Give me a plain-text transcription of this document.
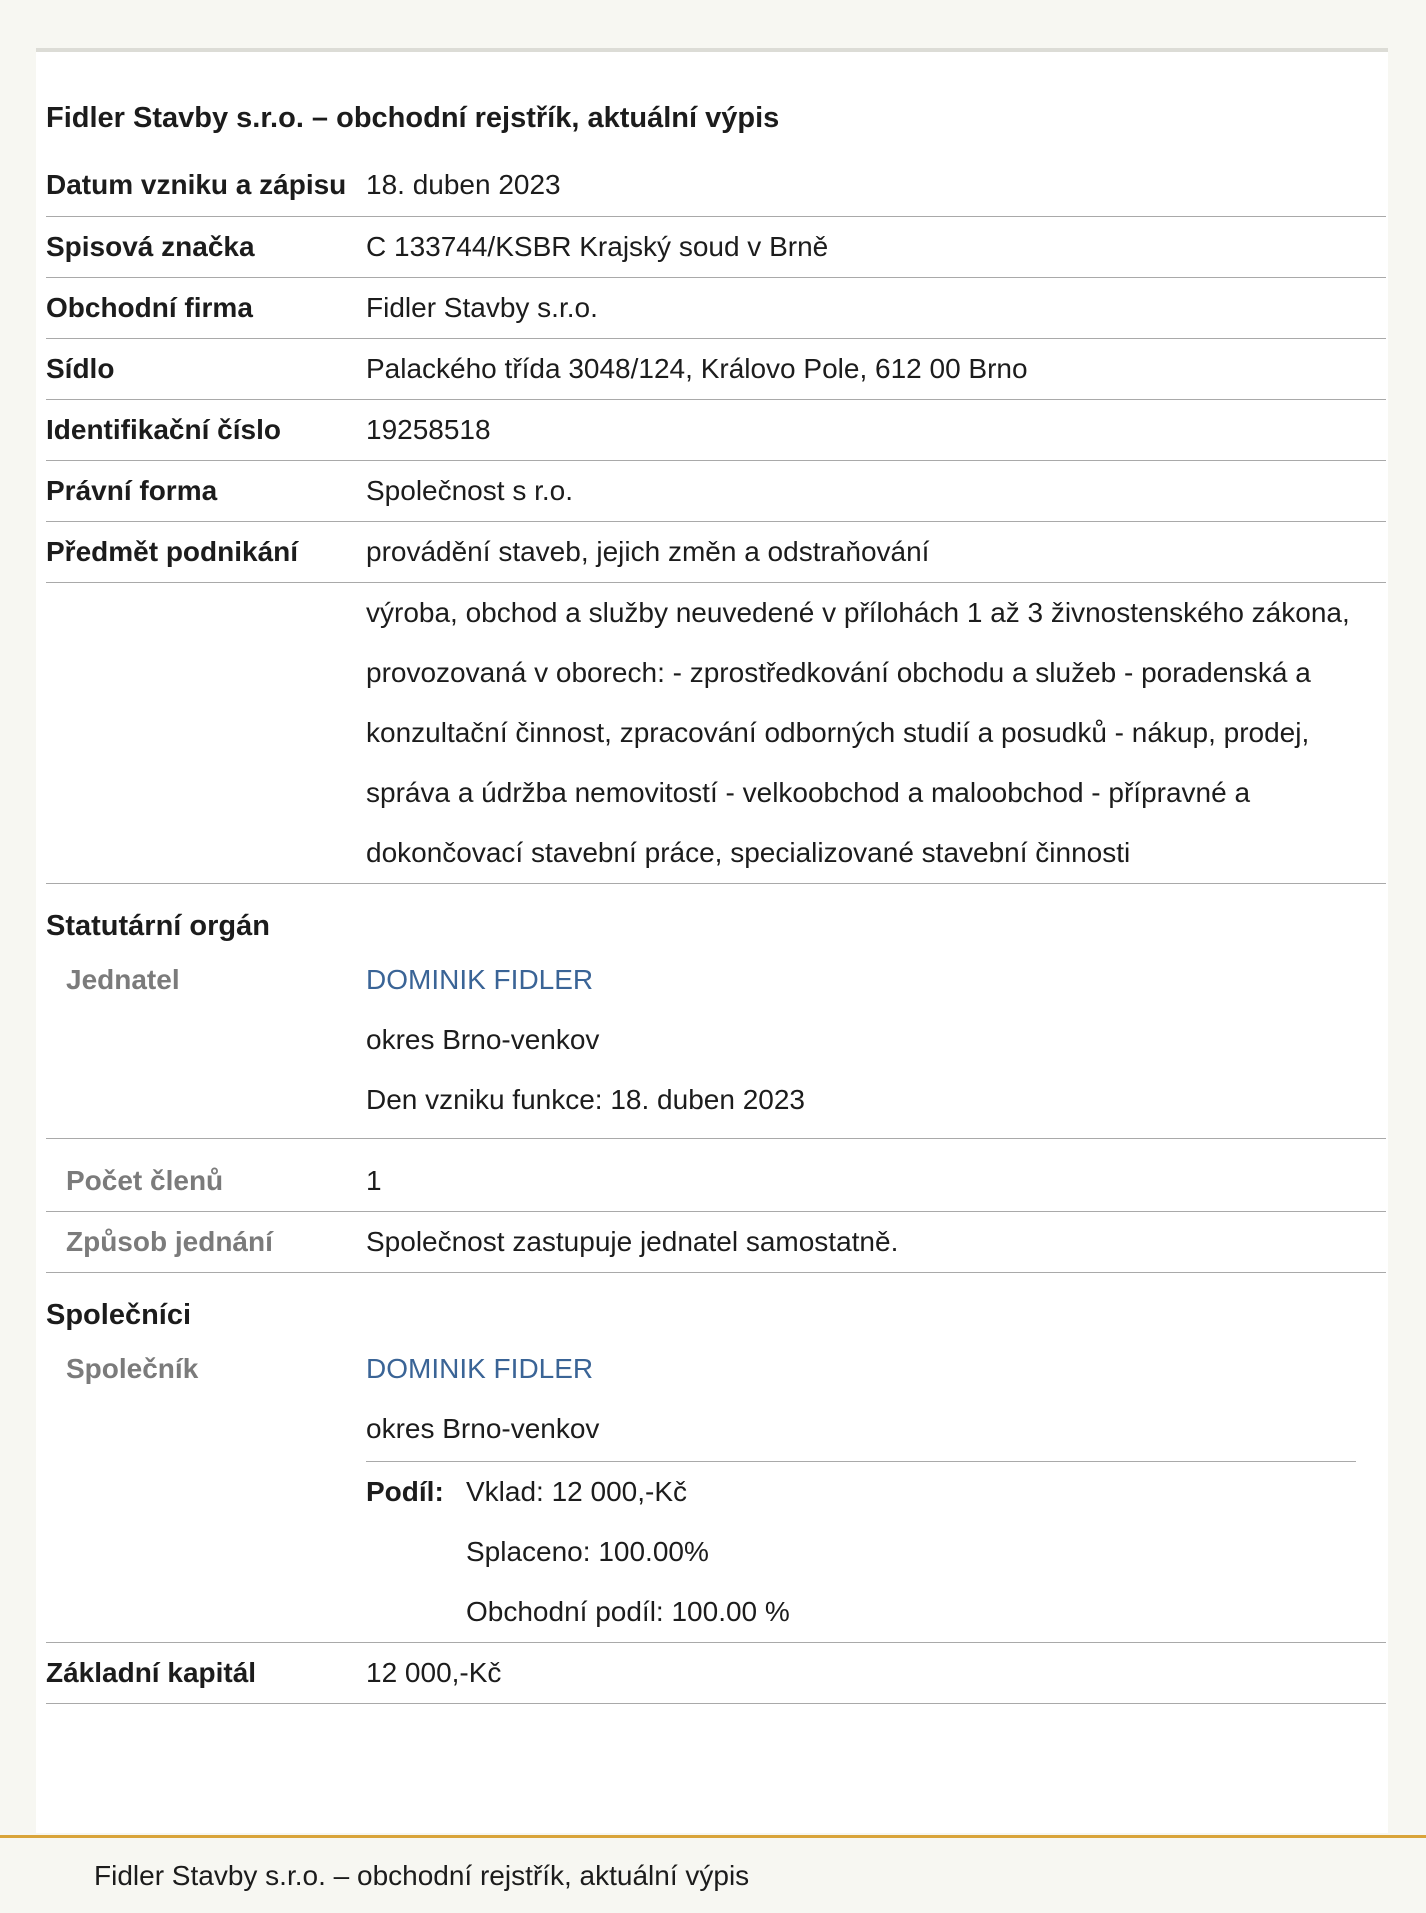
Fidler Stavby s.r.o. – obchodní rejstřík, aktuální výpis
Datum vzniku a zápisu 18. duben 2023
Spisová značka	C 133744/KSBR Krajský soud v Brně
Obchodní firma	Fidler Stavby s.r.o.
Sídlo	Palackého třída 3048/124, Královo Pole, 612 00 Brno
Identifikační číslo	19258518
Právní forma	Společnost s r.o.
Předmět podnikání	provádění staveb, jejich změn a odstraňování
výroba, obchod a služby neuvedené v přílohách 1 až 3 živnostenského zákona, provozovaná v oborech: - zprostředkování obchodu a služeb - poradenská a konzultační činnost, zpracování odborných studií a posudků - nákup, prodej, správa a údržba nemovitostí - velkoobchod a maloobchod - přípravné a dokončovací stavební práce, specializované stavební činnosti
Statutární orgán
Jednatel	DOMINIK FIDLER

okres Brno-venkov

Den vzniku funkce: 18. duben 2023

Počet členů	1
Způsob jednání	Společnost zastupuje jednatel samostatně.
Společníci
Společník	DOMINIK FIDLER

okres Brno-venkov

Podíl: Vklad: 12 000,-Kč

Splaceno: 100.00%

Obchodní podíl: 100.00 %

Základní kapitál	12 000,-Kč
Fidler Stavby s.r.o. – obchodní rejstřík, aktuální výpis
